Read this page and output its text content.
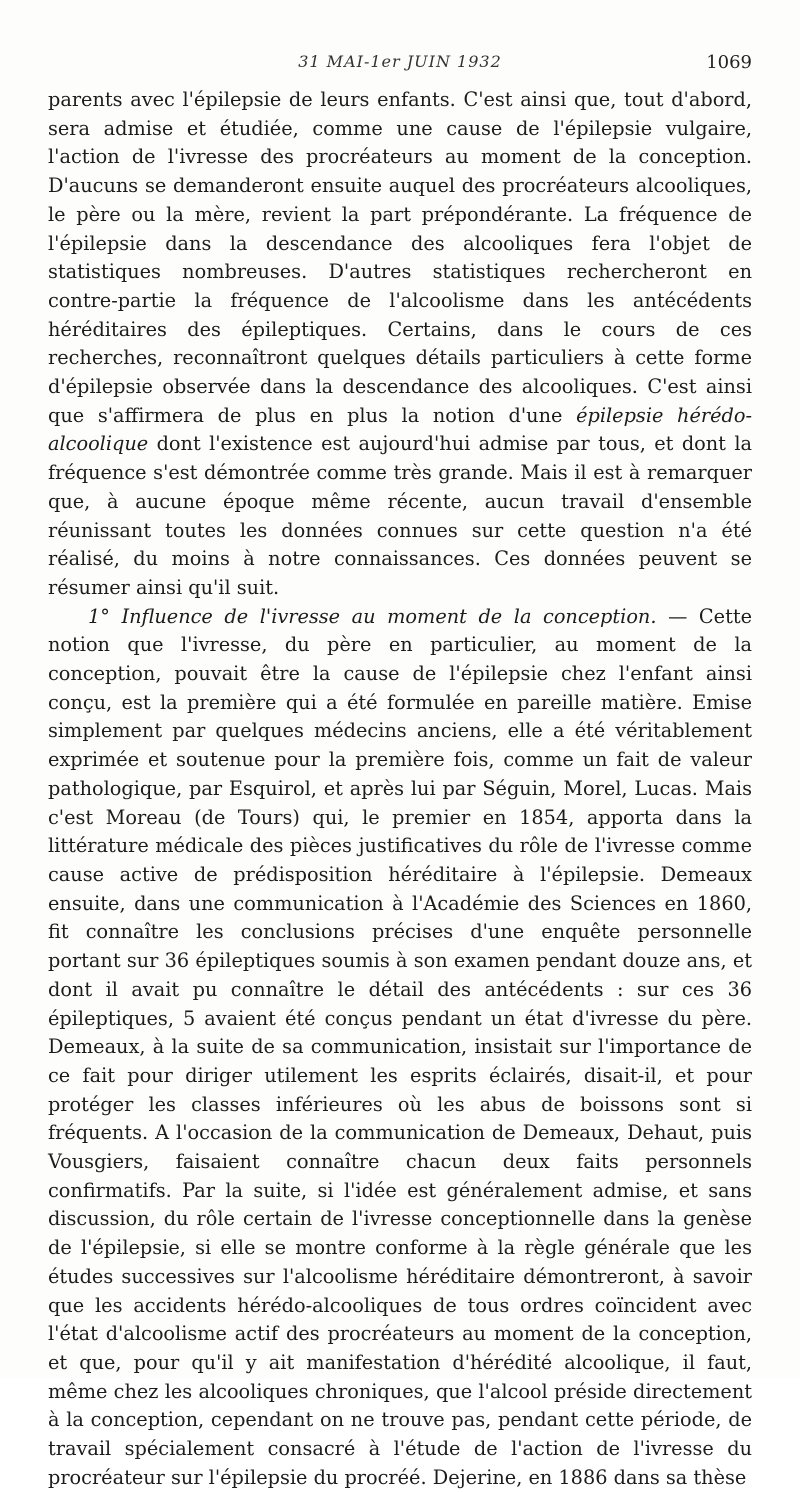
31 MAI-1er JUIN 1932	1069

parents avec l'épilepsie de leurs enfants. C'est ainsi que, tout d'abord, sera admise et étudiée, comme une cause de l'épilepsie vulgaire, l'action de l'ivresse des procréateurs au moment de la conception. D'aucuns se demanderont ensuite auquel des procréateurs alcooliques, le père ou la mère, revient la part prépondérante. La fréquence de l'épilepsie dans la descendance des alcooliques fera l'objet de statistiques nombreuses. D'autres statistiques rechercheront en contre-partie la fréquence de l'alcoolisme dans les antécédents héréditaires des épileptiques. Certains, dans le cours de ces recherches, reconnaîtront quelques détails particuliers à cette forme d'épilepsie observée dans la descendance des alcooliques. C'est ainsi que s'affirmera de plus en plus la notion d'une épilepsie hérédo-alcoolique dont l'existence est aujourd'hui admise par tous, et dont la fréquence s'est démontrée comme très grande. Mais il est à remarquer que, à aucune époque même récente, aucun travail d'ensemble réunissant toutes les données connues sur cette question n'a été réalisé, du moins à notre connaissances. Ces données peuvent se résumer ainsi qu'il suit.

1° Influence de l'ivresse au moment de la conception. — Cette notion que l'ivresse, du père en particulier, au moment de la conception, pouvait être la cause de l'épilepsie chez l'enfant ainsi conçu, est la première qui a été formulée en pareille matière. Emise simplement par quelques médecins anciens, elle a été véritablement exprimée et soutenue pour la première fois, comme un fait de valeur pathologique, par Esquirol, et après lui par Séguin, Morel, Lucas. Mais c'est Moreau (de Tours) qui, le premier en 1854, apporta dans la littérature médicale des pièces justificatives du rôle de l'ivresse comme cause active de prédisposition héréditaire à l'épilepsie. Demeaux ensuite, dans une communication à l'Académie des Sciences en 1860, fit connaître les conclusions précises d'une enquête personnelle portant sur 36 épileptiques soumis à son examen pendant douze ans, et dont il avait pu connaître le détail des antécédents : sur ces 36 épileptiques, 5 avaient été conçus pendant un état d'ivresse du père. Demeaux, à la suite de sa communication, insistait sur l'importance de ce fait pour diriger utilement les esprits éclairés, disait-il, et pour protéger les classes inférieures où les abus de boissons sont si fréquents. A l'occasion de la communication de Demeaux, Dehaut, puis Vousgiers, faisaient connaître chacun deux faits personnels confirmatifs. Par la suite, si l'idée est généralement admise, et sans discussion, du rôle certain de l'ivresse conceptionnelle dans la genèse de l'épilepsie, si elle se montre conforme à la règle générale que les études successives sur l'alcoolisme héréditaire démontreront, à savoir que les accidents hérédo-alcooliques de tous ordres coïncident avec l'état d'alcoolisme actif des procréateurs au moment de la conception, et que, pour qu'il y ait manifestation d'hérédité alcoolique, il faut, même chez les alcooliques chroniques, que l'alcool préside directement à la conception, cependant on ne trouve pas, pendant cette période, de travail spécialement consacré à l'étude de l'action de l'ivresse du procréateur sur l'épilepsie du procréé. Dejerine, en 1886 dans sa thèse
